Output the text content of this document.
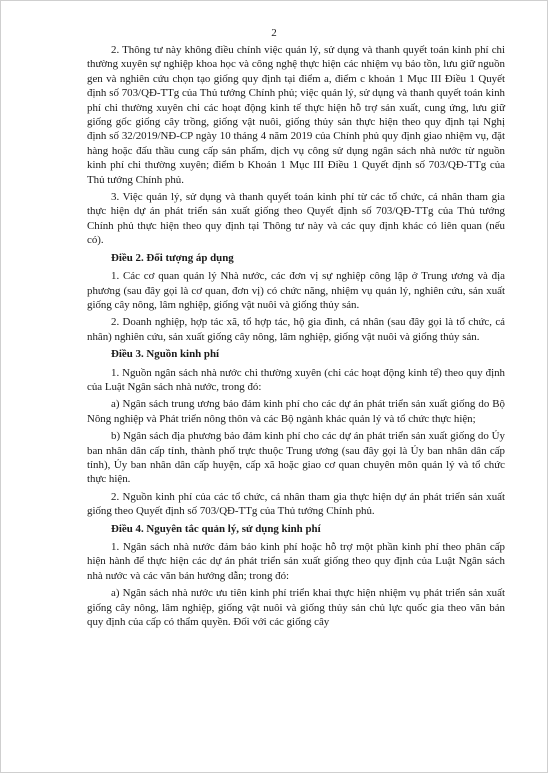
2

2. Thông tư này không điều chỉnh việc quản lý, sử dụng và thanh quyết toán kinh phí chi thường xuyên sự nghiệp khoa học và công nghệ thực hiện các nhiệm vụ bảo tồn, lưu giữ nguồn gen và nghiên cứu chọn tạo giống quy định tại điểm a, điểm c khoản 1 Mục III Điều 1 Quyết định số 703/QĐ-TTg của Thủ tướng Chính phủ; việc quản lý, sử dụng và thanh quyết toán kinh phí chi thường xuyên chi các hoạt động kinh tế thực hiện hỗ trợ sản xuất, cung ứng, lưu giữ giống gốc giống cây trồng, giống vật nuôi, giống thủy sản thực hiện theo quy định tại Nghị định số 32/2019/NĐ-CP ngày 10 tháng 4 năm 2019 của Chính phủ quy định giao nhiệm vụ, đặt hàng hoặc đấu thầu cung cấp sản phẩm, dịch vụ công sử dụng ngân sách nhà nước từ nguồn kinh phí chi thường xuyên; điểm b Khoản 1 Mục III Điều 1 Quyết định số 703/QĐ-TTg của Thủ tướng Chính phủ.

3. Việc quản lý, sử dụng và thanh quyết toán kinh phí từ các tổ chức, cá nhân tham gia thực hiện dự án phát triển sản xuất giống theo Quyết định số 703/QĐ-TTg của Thủ tướng Chính phủ thực hiện theo quy định tại Thông tư này và các quy định khác có liên quan (nếu có).

Điều 2. Đối tượng áp dụng

1. Các cơ quan quản lý Nhà nước, các đơn vị sự nghiệp công lập ở Trung ương và địa phương (sau đây gọi là cơ quan, đơn vị) có chức năng, nhiệm vụ quản lý, nghiên cứu, sản xuất giống cây nông, lâm nghiệp, giống vật nuôi và giống thủy sản.

2. Doanh nghiệp, hợp tác xã, tổ hợp tác, hộ gia đình, cá nhân (sau đây gọi là tổ chức, cá nhân) nghiên cứu, sản xuất giống cây nông, lâm nghiệp, giống vật nuôi và giống thủy sản.

Điều 3. Nguồn kinh phí

1. Nguồn ngân sách nhà nước chi thường xuyên (chi các hoạt động kinh tế) theo quy định của Luật Ngân sách nhà nước, trong đó:

a) Ngân sách trung ương bảo đảm kinh phí cho các dự án phát triển sản xuất giống do Bộ Nông nghiệp và Phát triển nông thôn và các Bộ ngành khác quản lý và tổ chức thực hiện;

b) Ngân sách địa phương bảo đảm kinh phí cho các dự án phát triển sản xuất giống do Ủy ban nhân dân cấp tỉnh, thành phố trực thuộc Trung ương (sau đây gọi là Ủy ban nhân dân cấp tỉnh), Ủy ban nhân dân cấp huyện, cấp xã hoặc giao cơ quan chuyên môn quản lý và tổ chức thực hiện.

2. Nguồn kinh phí của các tổ chức, cá nhân tham gia thực hiện dự án phát triển sản xuất giống theo Quyết định số 703/QĐ-TTg của Thủ tướng Chính phủ.

Điều 4. Nguyên tắc quản lý, sử dụng kinh phí

1. Ngân sách nhà nước đảm bảo kinh phí hoặc hỗ trợ một phần kinh phí theo phân cấp hiện hành để thực hiện các dự án phát triển sản xuất giống theo quy định của Luật Ngân sách nhà nước và các văn bản hướng dẫn; trong đó:

a) Ngân sách nhà nước ưu tiên kinh phí triển khai thực hiện nhiệm vụ phát triển sản xuất giống cây nông, lâm nghiệp, giống vật nuôi và giống thủy sản chủ lực quốc gia theo văn bản quy định của cấp có thẩm quyền. Đối với các giống cây
